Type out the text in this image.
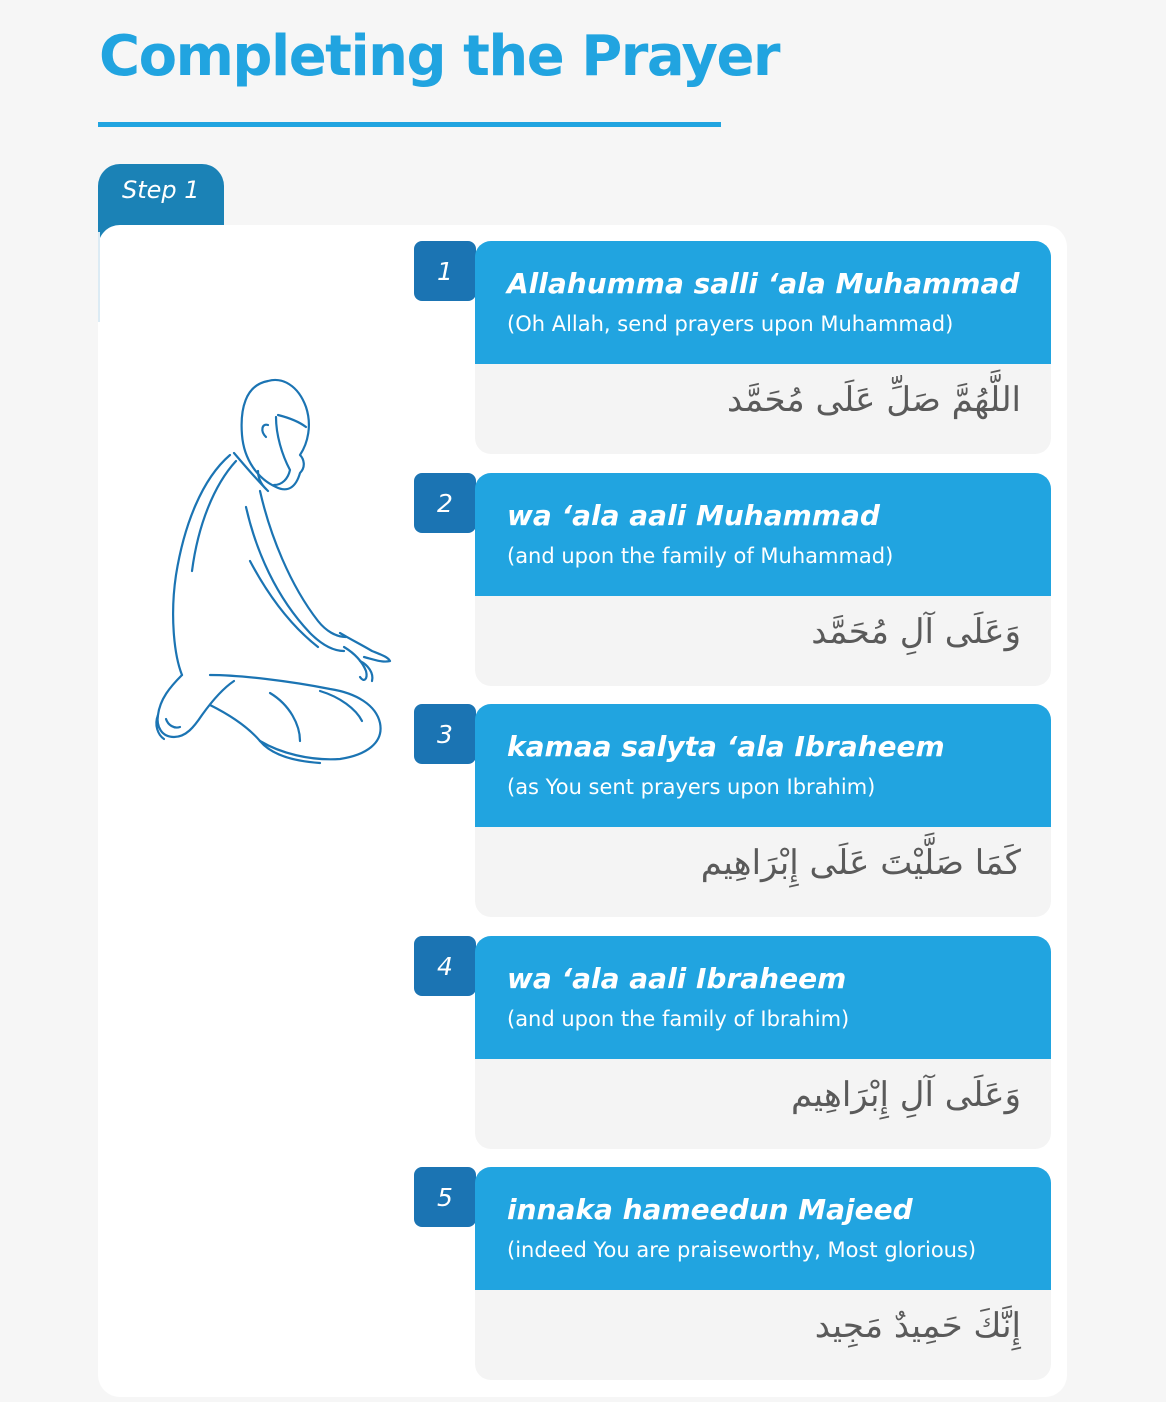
Completing the Prayer
Step 1
1	Allahumma salli ‘ala Muhammad
(Oh Allah, send prayers upon Muhammad)
اللَّهُمَّ صَلِّ عَلَى مُحَمَّد
2	wa ‘ala aali Muhammad
(and upon the family of Muhammad)
وَعَلَى آلِ مُحَمَّد
3	kamaa salyta ‘ala Ibraheem
(as You sent prayers upon Ibrahim)
كَمَا صَلَّيْتَ عَلَى إِبْرَاهِيم
4	wa ‘ala aali Ibraheem
(and upon the family of Ibrahim)
وَعَلَى آلِ إِبْرَاهِيم
5	innaka hameedun Majeed
(indeed You are praiseworthy, Most glorious)
إِنَّكَ حَمِيدٌ مَجِيد
